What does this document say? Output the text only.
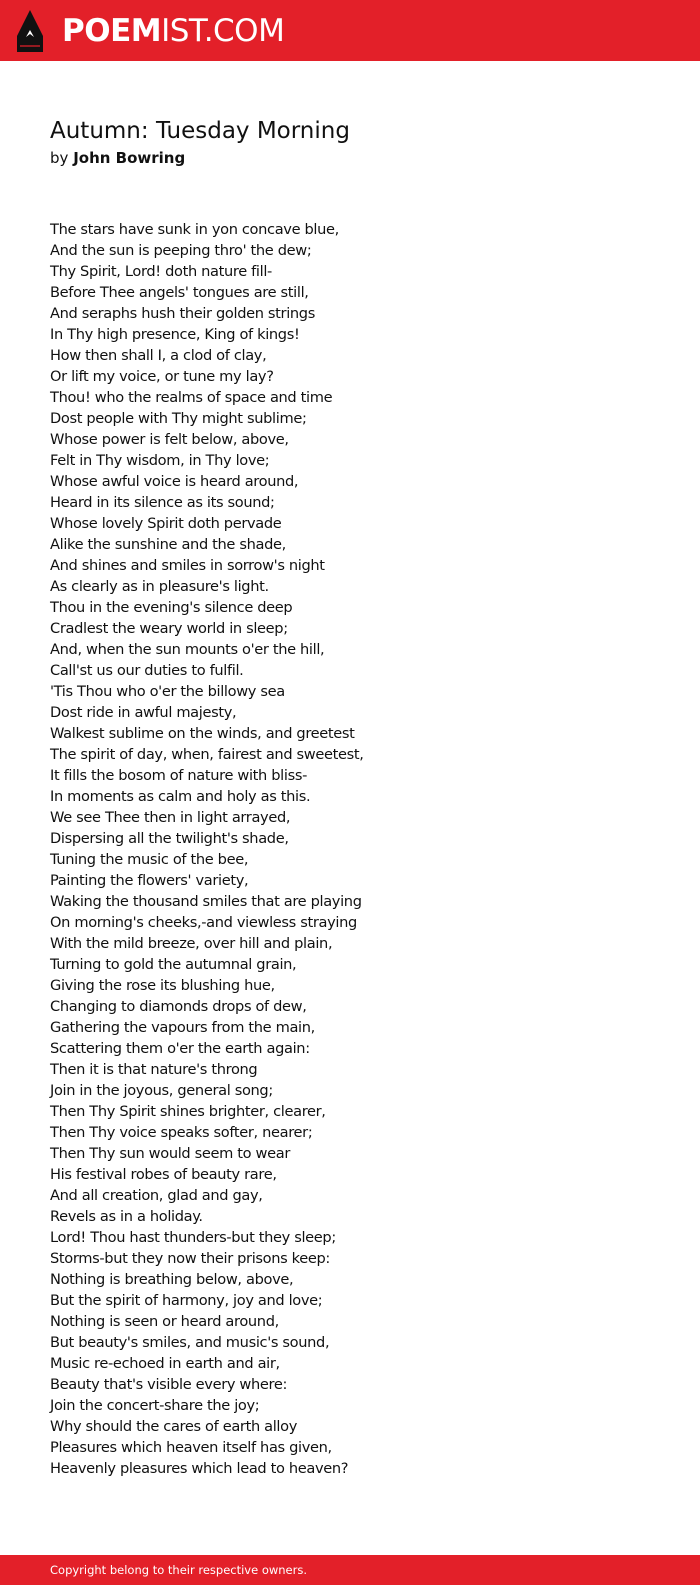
POEMIST.COM
Autumn: Tuesday Morning
by John Bowring
The stars have sunk in yon concave blue,
And the sun is peeping thro' the dew;
Thy Spirit, Lord! doth nature fill-
Before Thee angels' tongues are still,
And seraphs hush their golden strings
In Thy high presence, King of kings!
How then shall I, a clod of clay,
Or lift my voice, or tune my lay?
Thou! who the realms of space and time
Dost people with Thy might sublime;
Whose power is felt below, above,
Felt in Thy wisdom, in Thy love;
Whose awful voice is heard around,
Heard in its silence as its sound;
Whose lovely Spirit doth pervade
Alike the sunshine and the shade,
And shines and smiles in sorrow's night
As clearly as in pleasure's light.
Thou in the evening's silence deep
Cradlest the weary world in sleep;
And, when the sun mounts o'er the hill,
Call'st us our duties to fulfil.
'Tis Thou who o'er the billowy sea
Dost ride in awful majesty,
Walkest sublime on the winds, and greetest
The spirit of day, when, fairest and sweetest,
It fills the bosom of nature with bliss-
In moments as calm and holy as this.
We see Thee then in light arrayed,
Dispersing all the twilight's shade,
Tuning the music of the bee,
Painting the flowers' variety,
Waking the thousand smiles that are playing
On morning's cheeks,-and viewless straying
With the mild breeze, over hill and plain,
Turning to gold the autumnal grain,
Giving the rose its blushing hue,
Changing to diamonds drops of dew,
Gathering the vapours from the main,
Scattering them o'er the earth again:
Then it is that nature's throng
Join in the joyous, general song;
Then Thy Spirit shines brighter, clearer,
Then Thy voice speaks softer, nearer;
Then Thy sun would seem to wear
His festival robes of beauty rare,
And all creation, glad and gay,
Revels as in a holiday.
Lord! Thou hast thunders-but they sleep;
Storms-but they now their prisons keep:
Nothing is breathing below, above,
But the spirit of harmony, joy and love;
Nothing is seen or heard around,
But beauty's smiles, and music's sound,
Music re-echoed in earth and air,
Beauty that's visible every where:
Join the concert-share the joy;
Why should the cares of earth alloy
Pleasures which heaven itself has given,
Heavenly pleasures which lead to heaven?
Copyright belong to their respective owners.
